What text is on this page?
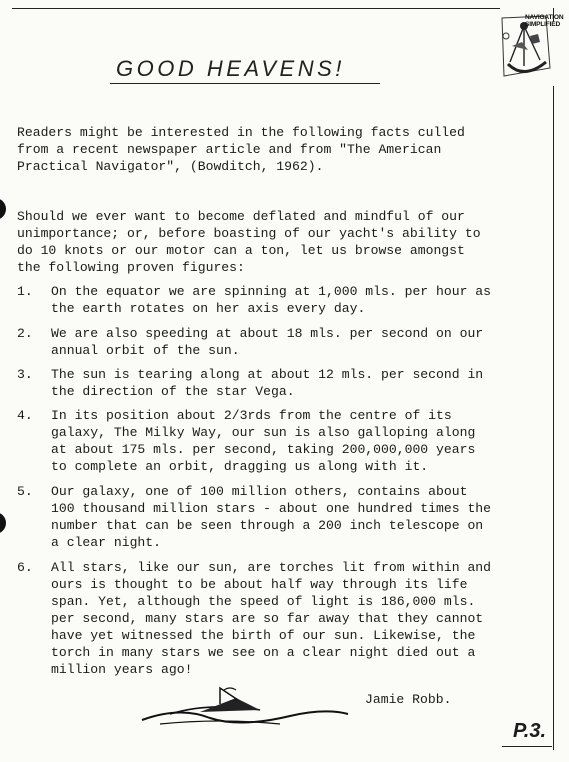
NAVIGATION
SIMPLIFIED
GOOD HEAVENS!
Readers might be interested in the following facts culled
from a recent newspaper article and from "The American
Practical Navigator", (Bowditch, 1962).
Should we ever want to become deflated and mindful of our
unimportance; or, before boasting of our yacht's ability to
do 10 knots or our motor can a ton, let us browse amongst
the following proven figures:
1. On the equator we are spinning at 1,000 mls. per hour as
the earth rotates on her axis every day.
2. We are also speeding at about 18 mls. per second on our
annual orbit of the sun.
3. The sun is tearing along at about 12 mls. per second in
the direction of the star Vega.
4. In its position about 2/3rds from the centre of its
galaxy, The Milky Way, our sun is also galloping along
at about 175 mls. per second, taking 200,000,000 years
to complete an orbit, dragging us along with it.
5. Our galaxy, one of 100 million others, contains about
100 thousand million stars - about one hundred times the
number that can be seen through a 200 inch telescope on
a clear night.
6. All stars, like our sun, are torches lit from within and
ours is thought to be about half way through its life
span. Yet, although the speed of light is 186,000 mls.
per second, many stars are so far away that they cannot
have yet witnessed the birth of our sun. Likewise, the
torch in many stars we see on a clear night died out a
million years ago!
Jamie Robb.
P.3.
